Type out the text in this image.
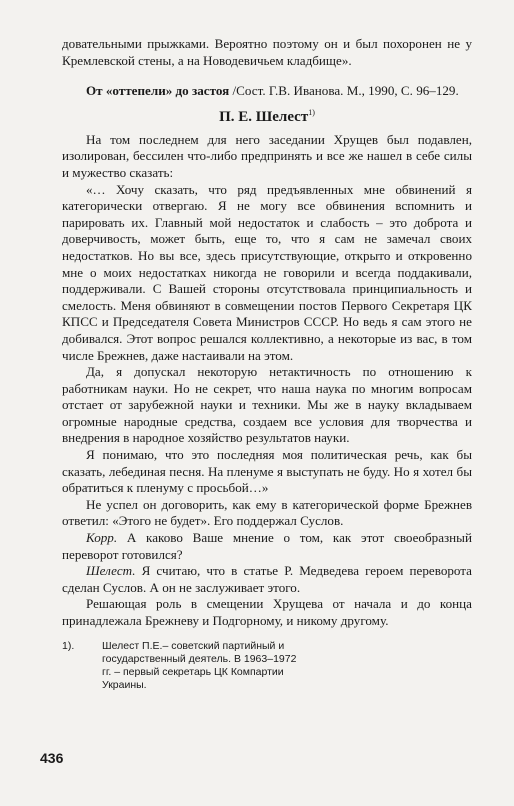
доватeльными прыжками. Вероятно поэтому он и был похоронен не у Кремлевской стены, а на Новодевичьем кладбище».

От «оттепели» до застоя /Сост. Г.В. Иванова. М., 1990, С. 96–129.

П. Е. Шелест$^{1)}$

На том последнем для него заседании Хрущев был подавлен, изолирован, бессилен что-либо предпринять и все же нашел в себе силы и мужество сказать:

«… Хочу сказать, что ряд предъявленных мне обвинений я категорически отвергаю. Я не могу все обвинения вспомнить и парировать их. Главный мой недостаток и слабость – это доброта и доверчивость, может быть, еще то, что я сам не замечал своих недостатков. Но вы все, здесь присутствующие, открыто и откровенно мне о моих недостатках никогда не говорили и всегда поддакивали, поддерживали. С Вашей стороны отсутствовала принципиальность и смелость. Меня обвиняют в совмещении постов Первого Секретаря ЦК КПСС и Председателя Совета Министров СССР. Но ведь я сам этого не добивался. Этот вопрос решался коллективно, а некоторые из вас, в том числе Брежнев, даже настаивали на этом.

Да, я допускал некоторую нетактичность по отношению к работникам науки. Но не секрет, что наша наука по многим вопросам отстает от зарубежной науки и техники. Мы же в науку вкладываем огромные народные средства, создаем все условия для творчества и внедрения в народное хозяйство результатов науки.

Я понимаю, что это последняя моя политическая речь, как бы сказать, лебединая песня. На пленуме я выступать не буду. Но я хотел бы обратиться к пленуму с просьбой…»

Не успел он договорить, как ему в категорической форме Брежнев ответил: «Этого не будет». Его поддержал Суслов.

Корр. А каково Ваше мнение о том, как этот своеобразный переворот готовился?

Шелест. Я считаю, что в статье Р. Медведева героем переворота сделан Суслов. А он не заслуживает этого.

Решающая роль в смещении Хрущева от начала и до конца принадлежала Брежневу и Подгорному, и никому другому.

1).	Шелест П.Е.– советский партийный и государственный деятель. В 1963–1972 гг. – первый секретарь ЦК Компартии Украины.
436
